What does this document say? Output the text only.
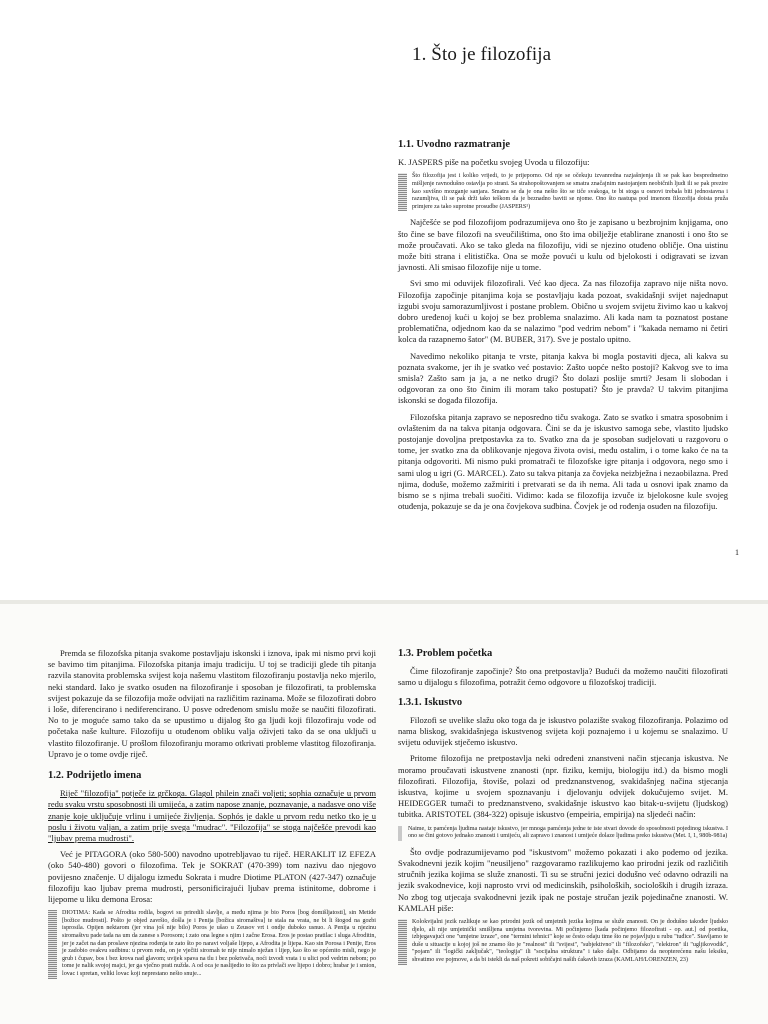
1. Što je filozofija
1.1. Uvodno razmatranje

K. JASPERS piše na početku svojeg Uvoda u filozofiju:

Što filozofija jest i koliko vrijedi, to je prijeporno. Od nje se očekuju izvanredna razjašnjenja ili se pak kao bespredmetno mišljenje ravnodušno ostavlja po strani. Sa strahopoštovanjem se smatra značajnim nastojanjem neobičnih ljudi ili se pak prezire kao suvišno mozganje sanjara. Smatra se da je ona nešto što se tiče svakoga, te bi stoga u osnovi trebala biti jednostavna i razumljiva, ili se pak drži tako teškom da je beznadno baviti se njome. Ono što nastupa pod imenom filozofija doista pruža primjere za tako suprotne prosudbe (JASPERS¹)

Najčešće se pod filozofijom podrazumijeva ono što je zapisano u bezbrojnim knjigama, ono što čine se bave filozofi na sveučilištima, ono što ima obilježje etablirane znanosti i ono što se može proučavati. Ako se tako gleda na filozofiju, vidi se njezino otuđeno obličje. Ona uistinu može biti strana i elitistička. Ona se može povući u kulu od bjelokosti i odigravati se izvan javnosti. Ali smisao filozofije nije u tome.

Svi smo mi oduvijek filozofirali. Već kao djeca. Za nas filozofija zapravo nije ništa novo. Filozofija započinje pitanjima koja se postavljaju kada pozoat, svakidašnji svijet najednaput izgubi svoju samorazumljivost i postane problem. Obično u svojem svijetu živimo kao u kakvoj dobro uređenoj kući u kojoj se bez problema snalazimo. Ali kada nam ta poznatost postane problematična, odjednom kao da se nalazimo "pod vedrim nebom" i "kakada nemamo ni četiri kolca da razapnemo šator" (M. BUBER, 317). Sve je postalo upitno.

Navedimo nekoliko pitanja te vrste, pitanja kakva bi mogla postaviti djeca, ali kakva su poznata svakome, jer ih je svatko već postavio: Zašto uopće nešto postoji? Kakvog sve to ima smisla? Zašto sam ja ja, a ne netko drugi? Što dolazi poslije smrti? Jesam li slobodan i odgovoran za ono što činim ili moram tako postupati? Što je pravda? U takvim pitanjima iskonski se događa filozofija.

Filozofska pitanja zapravo se neposredno tiču svakoga. Zato se svatko i smatra sposobnim i ovlaštenim da na takva pitanja odgovara. Čini se da je iskustvo samoga sebe, vlastito ljudsko postojanje dovoljna pretpostavka za to. Svatko zna da je sposoban sudjelovati u razgovoru o tome, jer svatko zna da oblikovanje njegova života ovisi, među ostalim, i o tome kako će na ta pitanja odgovoriti. Mi nismo puki promatrači te filozofske igre pitanja i odgovora, nego smo i sami ulog u igri (G. MARCEL). Zato su takva pitanja za čovjeka neizbježna i nezaobilazna. Pred njima, doduše, možemo zažmiriti i pretvarati se da ih nema. Ali tada u osnovi ipak znamo da bismo se s njima trebali suočiti. Vidimo: kada se filozofija izvuče iz bjelokosne kule svojeg otuđenja, pokazuje se da je ona čovjekova sudbina. Čovjek je od rođenja osuđen na filozofiju.

1

Premda se filozofska pitanja svakome postavljaju iskonski i iznova, ipak mi nismo prvi koji se bavimo tim pitanjima. Filozofska pitanja imaju tradiciju. U toj se tradiciji glede tih pitanja razvila stanovita problemska svijest koja našemu vlastitom filozofiranju postavlja neko mjerilo, neki standard. Iako je svatko osuđen na filozofiranje i sposoban je filozofirati, ta problemska svijest pokazuje da se filozofija može odvijati na različitim razinama. Može se filozofirati dobro i loše, diferencirano i nediferencirano. U posve određenom smislu može se naučiti filozofirati. No to je moguće samo tako da se upustimo u dijalog što ga ljudi koji filozofiraju vode od početaka naše kulture. Filozofiju u otuđenom obliku valja oživjeti tako da se ona uključi u vlastito filozofiranje. U prošlom filozofiranju moramo otkrivati probleme vlastitog filozofiranja. Upravo je o tome ovdje riječ.

1.2. Podrijetlo imena

Riječ "filozofija" potječe iz grčkoga. Glagol philein znači voljeti; sophia označuje u prvom redu svaku vrstu sposobnosti ili umijeća, a zatim napose znanje, poznavanje, a nadasve ono više znanje koje uključuje vrlinu i umijeće življenja. Sophós je dakle u prvom redu netko tko je u poslu i životu valjan, a zatim prije svega "mudrac". "Filozofija" se stoga najčešće prevodi kao "ljubav prema mudrosti".

Već je PITAGORA (oko 580-500) navodno upotrebljavao tu riječ. HERAKLIT IZ EFEZA (oko 540-480) govori o filozofima. Tek je SOKRAT (470-399) tom nazivu dao njegovo povijesno značenje. U dijalogu između Sokrata i mudre Diotime PLATON (427-347) označuje filozofiju kao ljubav prema mudrosti, personificirajući ljubav prema istinitome, dobrome i lijepome u liku demona Erosa:

DIOTIMA: Kada se Afrodita rodila, bogovi su priredili slavlje, a među njima je bio Poros [bog domišljatosti], sin Metide [božice mudrosti]. Pošto je objed završio, došla je i Penija [božica siromaštva] te stala na vrata, ne bi li štogod na gozbi isprosila. Opijen nektarom (jer vina još nije bilo) Poros je ušao u Zeusov vrt i ondje duboko usnuo. A Penija u njezinu siromaštvu pade tada na um da zanese s Porosom; i zato ona legne s njim i začne Erosa. Eros je postao pratilac i sluga Afroditin, jer je začet na dan proslave njezina rođenja te zato što po naravi voljaše lijepo, a Afrodita je lijepa. Kao sin Porosa i Penije, Eros je zadobio ovakvu sudbinu: u prvom redu, on je vječiti siromah te nije nimalo nježan i lijep, kao što se općenito misli, nego je grub i čupav, bos i bez krova nad glavom; uvijek spava na tlu i bez pokrivača, noći izvodi vrata i u ulici pod vedrim nebom; po tome je nalik svojoj majci, jer ga vječno prati nužda. A od oca je naslijedio to što za privlači sve lijepo i dobro; hrabar je i smion, lovac i spretan, veliki lovac koji neprestano nešto snuje...
1.3. Problem početka

Čime filozofiranje započinje? Što ona pretpostavlja? Budući da možemo naučiti filozofirati samo u dijalogu s filozofima, potražit ćemo odgovore u filozofskoj tradiciji.

1.3.1. Iskustvo

Filozofi se uvelike slažu oko toga da je iskustvo polazište svakog filozofiranja. Polazimo od nama bliskog, svakidašnjega iskustvenog svijeta koji poznajemo i u kojemu se snalazimo. U svijetu oduvijek stječemo iskustvo.

Pritome filozofija ne pretpostavlja neki određeni znanstveni način stjecanja iskustva. Ne moramo proučavati iskustvene znanosti (npr. fiziku, kemiju, biologiju itd.) da bismo mogli filozofirati. Filozofija, štoviše, polazi od predznanstvenog, svakidašnjeg načina stjecanja iskustva, kojime u svojem spoznavanju i djelovanju odvijek dokučujemo svijet. M. HEIDEGGER tumači to predznanstveno, svakidašnje iskustvo kao bitak-u-svijetu (ljudskog) tubitka. ARISTOTEL (384-322) opisuje iskustvo (empeiria, empirija) na sljedeći način:

Naime, iz pamćenja ljudima nastaje iskustvo, jer mnoga pamćenja jedne te iste stvari dovode do sposobnosti pojedinog iskustva. I ono se čini gotovo jednako znanosti i umijeću, ali zapravo i znanost i umijeće dolaze ljudima preko iskustva (Met. I, 1, 980b-981a)

Što ovdje podrazumijevamo pod "iskustvom" možemo pokazati i ako podemo od jezika. Svakodnevni jezik kojim "neusiljeno" razgovaramo razlikujemo kao prirodni jezik od različitih stručnih jezika kojima se služe znanosti. Ti su se stručni jezici dodušno već odavno odrazili na jezik svakodnevice, koji naprosto vrvi od medicinskih, psiholoških, socioloških i drugih izraza. No zbog tog utjecaja svakodnevni jezik ipak ne postaje stručan jezik pojedinačne znanosti. W. KAMLAH piše:

Kolokvijalni jezik razlikuje se kao prirodni jezik od umjetnih jezika kojima se služe znanosti. On je dodušno također ljudsko djelo, ali nije umjetnički smišljena umjetna tvorevina. Mi počinjemo [kada počinjemo filozofirati - op. aut.] od poetika, izbjegavajući one "umjetne izraze", one "termini tehnici" koje se često odaju time što ne pojavljuju u rubu "tuđice". Stavljamo te duše u situacije u kojoj još ne znamo što je "realnost" ili "svijest", "subjektivno" ili "filozofsko", "elektron" ili "ugljikovodik", "pojam" ili "logički zaključak", "teologija" ili "socijalna struktura" i tako dalje. Odbijamo da neopterećenu našu leksiku, shvatimo sve pojmove, a da bi istekli da naš pokreti sobičajni naših ćakavih izraza (KAMLAH/LORENZEN, 23)
